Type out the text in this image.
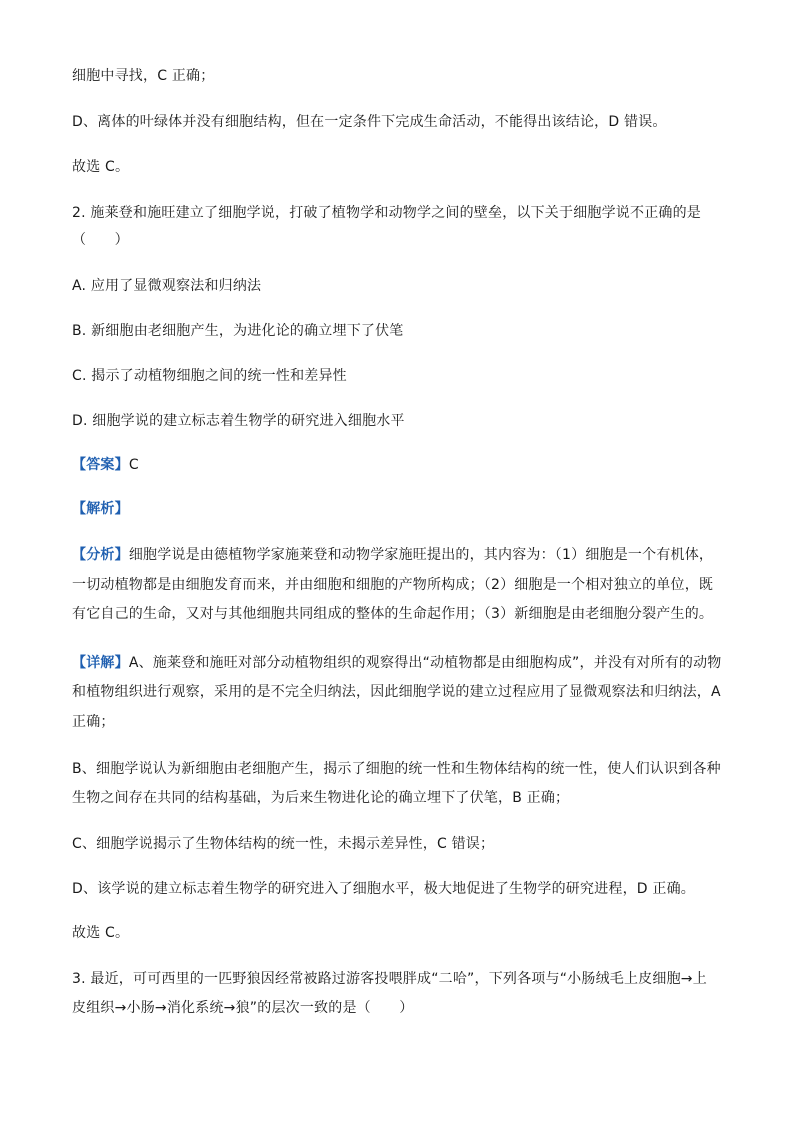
细胞中寻找，C 正确；
D、离体的叶绿体并没有细胞结构，但在一定条件下完成生命活动，不能得出该结论，D 错误。
故选 C。
2. 施莱登和施旺建立了细胞学说，打破了植物学和动物学之间的壁垒，以下关于细胞学说不正确的是
（　　）
A. 应用了显微观察法和归纳法
B. 新细胞由老细胞产生，为进化论的确立埋下了伏笔
C. 揭示了动植物细胞之间的统一性和差异性
D. 细胞学说的建立标志着生物学的研究进入细胞水平
【答案】C
【解析】
【分析】细胞学说是由德植物学家施莱登和动物学家施旺提出的，其内容为：（1）细胞是一个有机体，
一切动植物都是由细胞发育而来，并由细胞和细胞的产物所构成；（2）细胞是一个相对独立的单位，既
有它自己的生命，又对与其他细胞共同组成的整体的生命起作用；（3）新细胞是由老细胞分裂产生的。
【详解】A、施莱登和施旺对部分动植物组织的观察得出“动植物都是由细胞构成”，并没有对所有的动物
和植物组织进行观察，采用的是不完全归纳法，因此细胞学说的建立过程应用了显微观察法和归纳法，A
正确；
B、细胞学说认为新细胞由老细胞产生，揭示了细胞的统一性和生物体结构的统一性，使人们认识到各种
生物之间存在共同的结构基础，为后来生物进化论的确立埋下了伏笔，B 正确；
C、细胞学说揭示了生物体结构的统一性，未揭示差异性，C 错误；
D、该学说的建立标志着生物学的研究进入了细胞水平，极大地促进了生物学的研究进程，D 正确。
故选 C。
3. 最近，可可西里的一匹野狼因经常被路过游客投喂胖成“二哈”，下列各项与“小肠绒毛上皮细胞→上
皮组织→小肠→消化系统→狼”的层次一致的是（　　）
